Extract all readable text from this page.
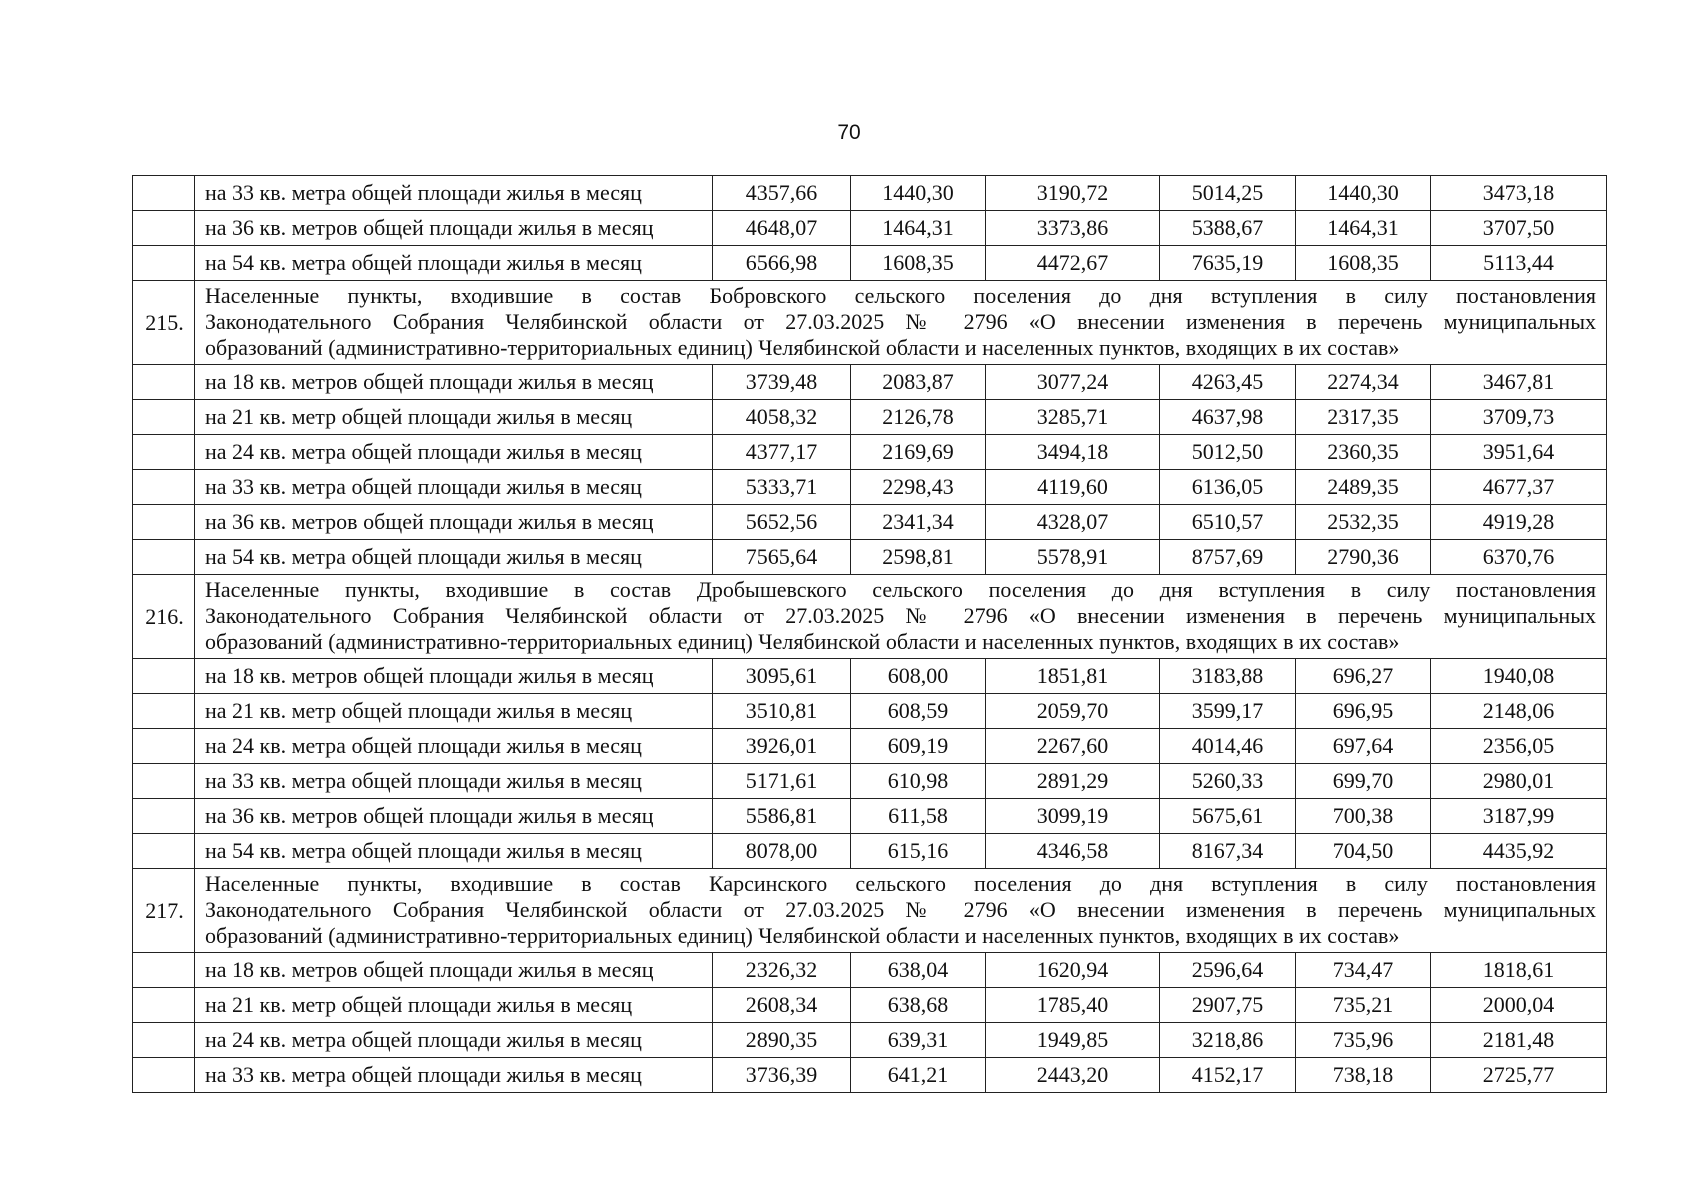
70
	на 33 кв. метра общей площади жилья в месяц	4357,66	1440,30	3190,72	5014,25	1440,30	3473,18
	на 36 кв. метров общей площади жилья в месяц	4648,07	1464,31	3373,86	5388,67	1464,31	3707,50
	на 54 кв. метра общей площади жилья в месяц	6566,98	1608,35	4472,67	7635,19	1608,35	5113,44
215.	Населенные пункты, входившие в состав Бобровского сельского поселения до дня вступления в силу постановления
Законодательного Собрания Челябинской области от 27.03.2025 № 2796 «О внесении изменения в перечень муниципальных
образований (административно-территориальных единиц) Челябинской области и населенных пунктов, входящих в их состав»						

	на 18 кв. метров общей площади жилья в месяц	3739,48	2083,87	3077,24	4263,45	2274,34	3467,81
	на 21 кв. метр общей площади жилья в месяц	4058,32	2126,78	3285,71	4637,98	2317,35	3709,73
	на 24 кв. метра общей площади жилья в месяц	4377,17	2169,69	3494,18	5012,50	2360,35	3951,64
	на 33 кв. метра общей площади жилья в месяц	5333,71	2298,43	4119,60	6136,05	2489,35	4677,37
	на 36 кв. метров общей площади жилья в месяц	5652,56	2341,34	4328,07	6510,57	2532,35	4919,28
	на 54 кв. метра общей площади жилья в месяц	7565,64	2598,81	5578,91	8757,69	2790,36	6370,76
216.	Населенные пункты, входившие в состав Дробышевского сельского поселения до дня вступления в силу постановления
Законодательного Собрания Челябинской области от 27.03.2025 № 2796 «О внесении изменения в перечень муниципальных
образований (административно-территориальных единиц) Челябинской области и населенных пунктов, входящих в их состав»						

	на 18 кв. метров общей площади жилья в месяц	3095,61	608,00	1851,81	3183,88	696,27	1940,08
	на 21 кв. метр общей площади жилья в месяц	3510,81	608,59	2059,70	3599,17	696,95	2148,06
	на 24 кв. метра общей площади жилья в месяц	3926,01	609,19	2267,60	4014,46	697,64	2356,05
	на 33 кв. метра общей площади жилья в месяц	5171,61	610,98	2891,29	5260,33	699,70	2980,01
	на 36 кв. метров общей площади жилья в месяц	5586,81	611,58	3099,19	5675,61	700,38	3187,99
	на 54 кв. метра общей площади жилья в месяц	8078,00	615,16	4346,58	8167,34	704,50	4435,92
217.	Населенные пункты, входившие в состав Карсинского сельского поселения до дня вступления в силу постановления
Законодательного Собрания Челябинской области от 27.03.2025 № 2796 «О внесении изменения в перечень муниципальных
образований (административно-территориальных единиц) Челябинской области и населенных пунктов, входящих в их состав»						

	на 18 кв. метров общей площади жилья в месяц	2326,32	638,04	1620,94	2596,64	734,47	1818,61
	на 21 кв. метр общей площади жилья в месяц	2608,34	638,68	1785,40	2907,75	735,21	2000,04
	на 24 кв. метра общей площади жилья в месяц	2890,35	639,31	1949,85	3218,86	735,96	2181,48
	на 33 кв. метра общей площади жилья в месяц	3736,39	641,21	2443,20	4152,17	738,18	2725,77
